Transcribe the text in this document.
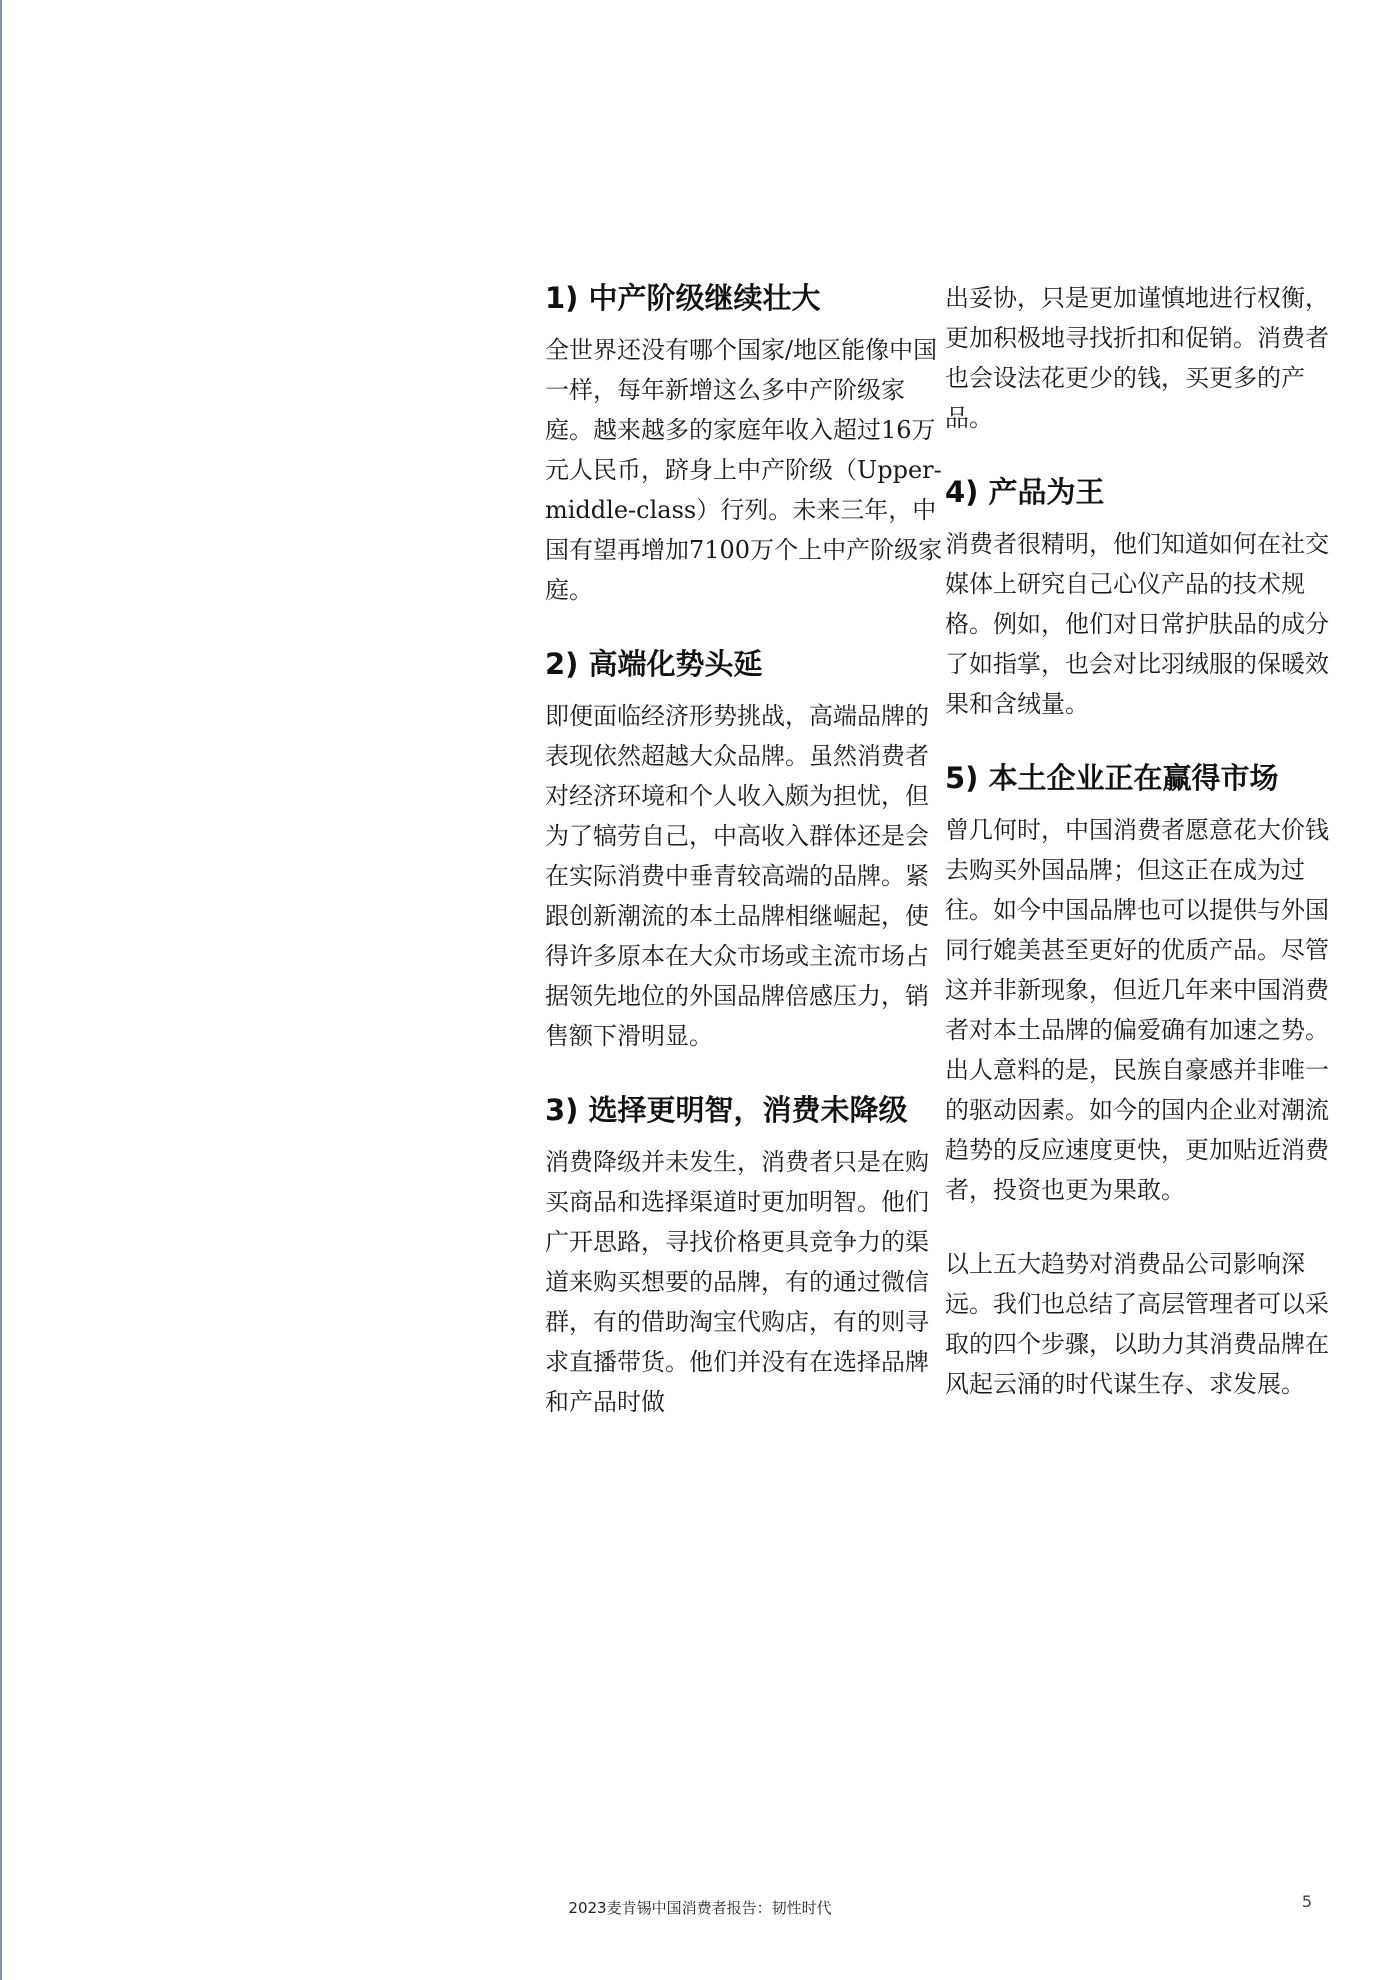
1) 中产阶级继续壮大

全世界还没有哪个国家/地区能像中国一样，每年新增这么多中产阶级家庭。越来越多的家庭年收入超过16万元人民币，跻身上中产阶级（Upper-middle-class）行列。未来三年，中国有望再增加7100万个上中产阶级家庭。

2) 高端化势头延

即便面临经济形势挑战，高端品牌的表现依然超越大众品牌。虽然消费者对经济环境和个人收入颇为担忧，但为了犒劳自己，中高收入群体还是会在实际消费中垂青较高端的品牌。紧跟创新潮流的本土品牌相继崛起，使得许多原本在大众市场或主流市场占据领先地位的外国品牌倍感压力，销售额下滑明显。

3) 选择更明智，消费未降级

消费降级并未发生，消费者只是在购买商品和选择渠道时更加明智。他们广开思路，寻找价格更具竞争力的渠道来购买想要的品牌，有的通过微信群，有的借助淘宝代购店，有的则寻求直播带货。他们并没有在选择品牌和产品时做

出妥协，只是更加谨慎地进行权衡，更加积极地寻找折扣和促销。消费者也会设法花更少的钱，买更多的产品。

4) 产品为王

消费者很精明，他们知道如何在社交媒体上研究自己心仪产品的技术规格。例如，他们对日常护肤品的成分了如指掌，也会对比羽绒服的保暖效果和含绒量。

5) 本土企业正在赢得市场

曾几何时，中国消费者愿意花大价钱去购买外国品牌；但这正在成为过往。如今中国品牌也可以提供与外国同行媲美甚至更好的优质产品。尽管这并非新现象，但近几年来中国消费者对本土品牌的偏爱确有加速之势。出人意料的是，民族自豪感并非唯一的驱动因素。如今的国内企业对潮流趋势的反应速度更快，更加贴近消费者，投资也更为果敢。

以上五大趋势对消费品公司影响深远。我们也总结了高层管理者可以采取的四个步骤，以助力其消费品牌在风起云涌的时代谋生存、求发展。

2023麦肯锡中国消费者报告：韧性时代	5
